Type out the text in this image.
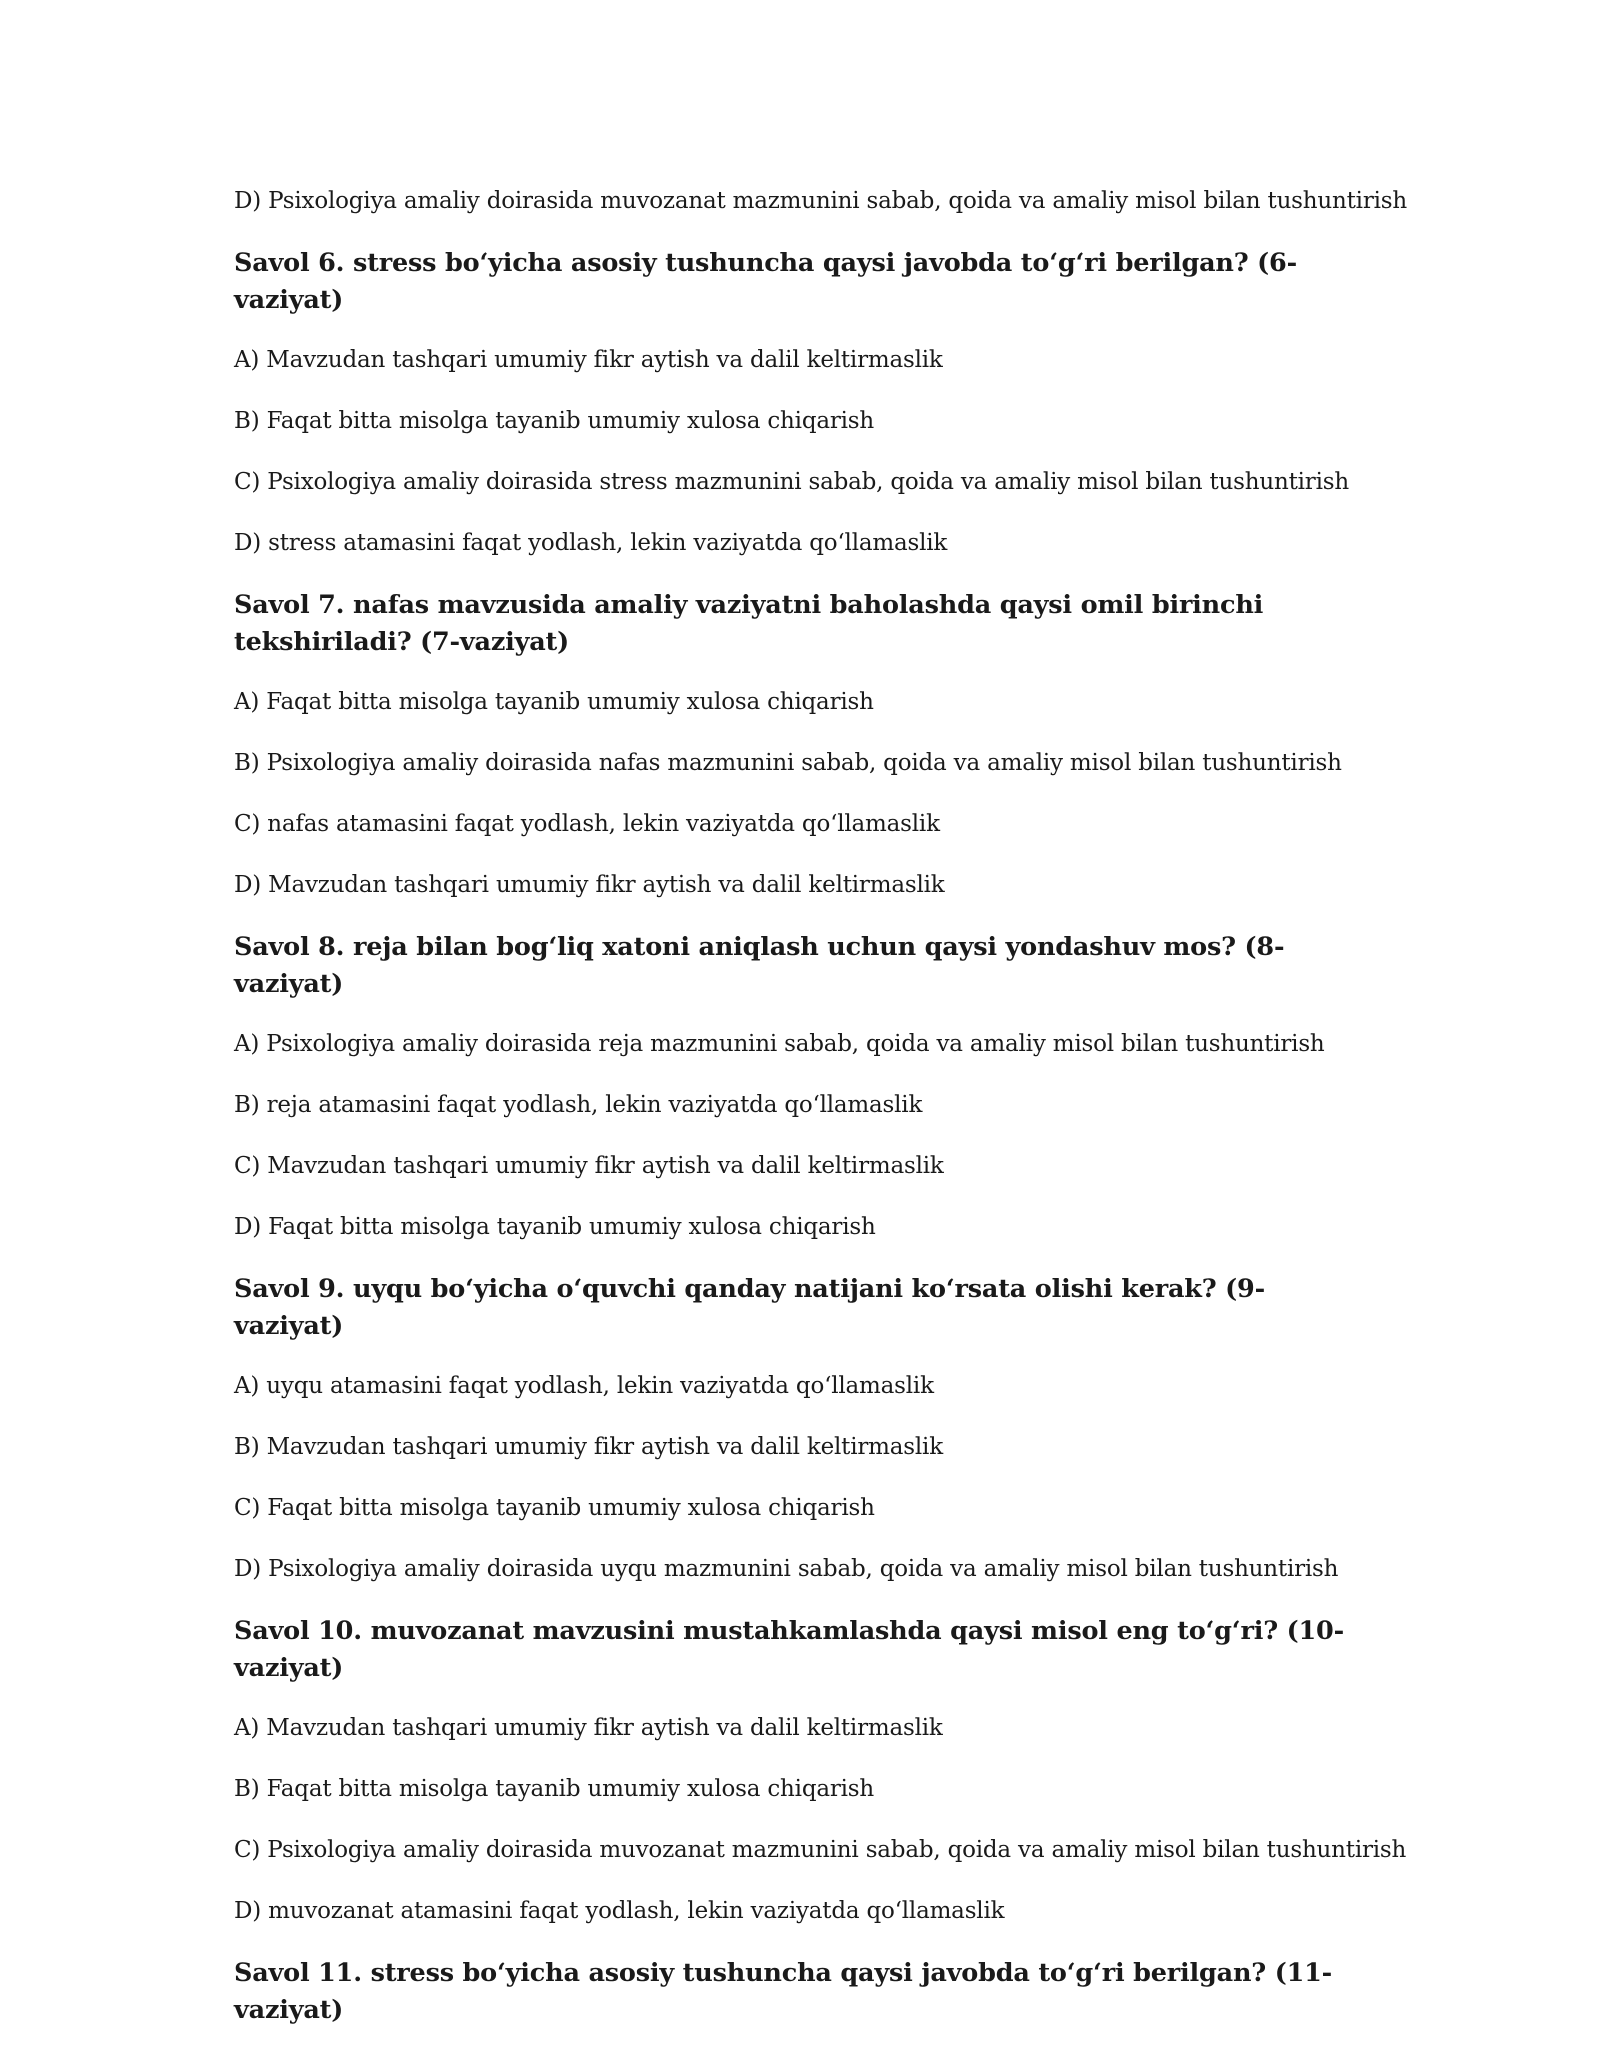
D) Psixologiya amaliy doirasida muvozanat mazmunini sabab, qoida va amaliy misol bilan tushuntirish

Savol 6. stress bo‘yicha asosiy tushuncha qaysi javobda to‘g‘ri berilgan? (6-vaziyat)

A) Mavzudan tashqari umumiy fikr aytish va dalil keltirmaslik

B) Faqat bitta misolga tayanib umumiy xulosa chiqarish

C) Psixologiya amaliy doirasida stress mazmunini sabab, qoida va amaliy misol bilan tushuntirish

D) stress atamasini faqat yodlash, lekin vaziyatda qo‘llamaslik

Savol 7. nafas mavzusida amaliy vaziyatni baholashda qaysi omil birinchi tekshiriladi? (7-vaziyat)

A) Faqat bitta misolga tayanib umumiy xulosa chiqarish

B) Psixologiya amaliy doirasida nafas mazmunini sabab, qoida va amaliy misol bilan tushuntirish

C) nafas atamasini faqat yodlash, lekin vaziyatda qo‘llamaslik

D) Mavzudan tashqari umumiy fikr aytish va dalil keltirmaslik

Savol 8. reja bilan bog‘liq xatoni aniqlash uchun qaysi yondashuv mos? (8-vaziyat)

A) Psixologiya amaliy doirasida reja mazmunini sabab, qoida va amaliy misol bilan tushuntirish

B) reja atamasini faqat yodlash, lekin vaziyatda qo‘llamaslik

C) Mavzudan tashqari umumiy fikr aytish va dalil keltirmaslik

D) Faqat bitta misolga tayanib umumiy xulosa chiqarish

Savol 9. uyqu bo‘yicha o‘quvchi qanday natijani ko‘rsata olishi kerak? (9-vaziyat)

A) uyqu atamasini faqat yodlash, lekin vaziyatda qo‘llamaslik

B) Mavzudan tashqari umumiy fikr aytish va dalil keltirmaslik

C) Faqat bitta misolga tayanib umumiy xulosa chiqarish

D) Psixologiya amaliy doirasida uyqu mazmunini sabab, qoida va amaliy misol bilan tushuntirish

Savol 10. muvozanat mavzusini mustahkamlashda qaysi misol eng to‘g‘ri? (10-vaziyat)

A) Mavzudan tashqari umumiy fikr aytish va dalil keltirmaslik

B) Faqat bitta misolga tayanib umumiy xulosa chiqarish

C) Psixologiya amaliy doirasida muvozanat mazmunini sabab, qoida va amaliy misol bilan tushuntirish

D) muvozanat atamasini faqat yodlash, lekin vaziyatda qo‘llamaslik

Savol 11. stress bo‘yicha asosiy tushuncha qaysi javobda to‘g‘ri berilgan? (11-vaziyat)
